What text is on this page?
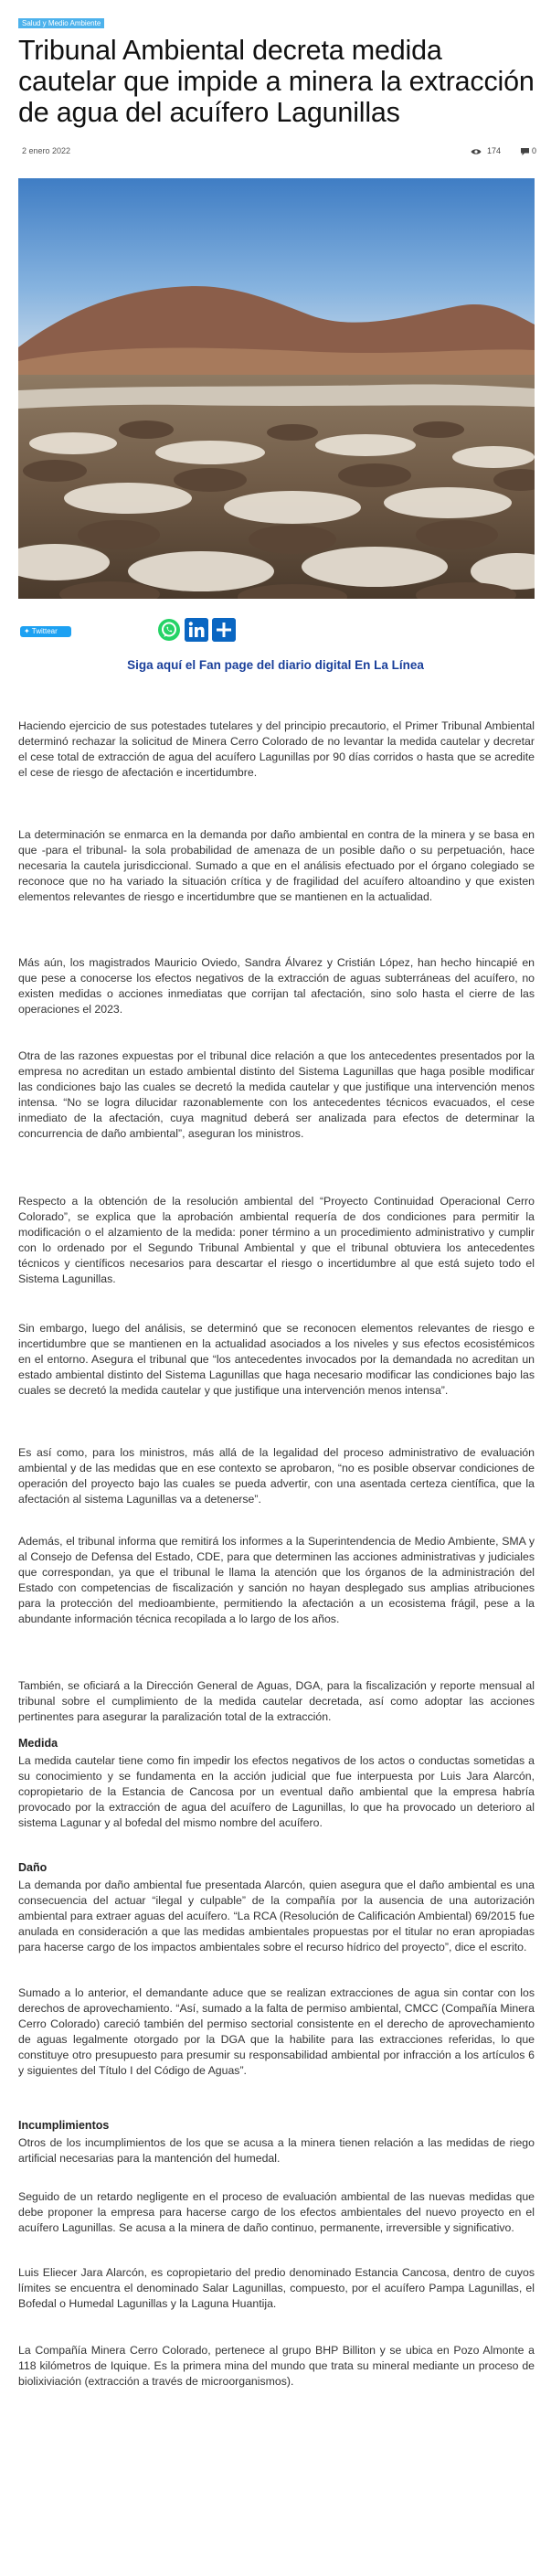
Salud y Medio Ambiente
Tribunal Ambiental decreta medida cautelar que impide a minera la extracción de agua del acuífero Lagunillas
2 enero 2022	174	0
✦ Twittear
Siga aquí el Fan page del diario digital En La Línea

Haciendo ejercicio de sus potestades tutelares y del principio precautorio, el Primer Tribunal Ambiental determinó rechazar la solicitud de Minera Cerro Colorado de no levantar la medida cautelar y decretar el cese total de extracción de agua del acuífero Lagunillas por 90 días corridos o hasta que se acredite el cese de riesgo de afectación e incertidumbre.

La determinación se enmarca en la demanda por daño ambiental en contra de la minera y se basa en que -para el tribunal- la sola probabilidad de amenaza de un posible daño o su perpetuación, hace necesaria la cautela jurisdiccional. Sumado a que en el análisis efectuado por el órgano colegiado se reconoce que no ha variado la situación crítica y de fragilidad del acuífero altoandino y que existen elementos relevantes de riesgo e incertidumbre que se mantienen en la actualidad.

Más aún, los magistrados Mauricio Oviedo, Sandra Álvarez y Cristián López, han hecho hincapié en que pese a conocerse los efectos negativos de la extracción de aguas subterráneas del acuífero, no existen medidas o acciones inmediatas que corrijan tal afectación, sino solo hasta el cierre de las operaciones el 2023.

Otra de las razones expuestas por el tribunal dice relación a que los antecedentes presentados por la empresa no acreditan un estado ambiental distinto del Sistema Lagunillas que haga posible modificar las condiciones bajo las cuales se decretó la medida cautelar y que justifique una intervención menos intensa. “No se logra dilucidar razonablemente con los antecedentes técnicos evacuados, el cese inmediato de la afectación, cuya magnitud deberá ser analizada para efectos de determinar la concurrencia de daño ambiental”, aseguran los ministros.

Respecto a la obtención de la resolución ambiental del “Proyecto Continuidad Operacional Cerro Colorado”, se explica que la aprobación ambiental requería de dos condiciones para permitir la modificación o el alzamiento de la medida: poner término a un procedimiento administrativo y cumplir con lo ordenado por el Segundo Tribunal Ambiental y que el tribunal obtuviera los antecedentes técnicos y científicos necesarios para descartar el riesgo o incertidumbre al que está sujeto todo el Sistema Lagunillas.

Sin embargo, luego del análisis, se determinó que se reconocen elementos relevantes de riesgo e incertidumbre que se mantienen en la actualidad asociados a los niveles y sus efectos ecosistémicos en el entorno. Asegura el tribunal que “los antecedentes invocados por la demandada no acreditan un estado ambiental distinto del Sistema Lagunillas que haga necesario modificar las condiciones bajo las cuales se decretó la medida cautelar y que justifique una intervención menos intensa”.

Es así como, para los ministros, más allá de la legalidad del proceso administrativo de evaluación ambiental y de las medidas que en ese contexto se aprobaron, “no es posible observar condiciones de operación del proyecto bajo las cuales se pueda advertir, con una asentada certeza científica, que la afectación al sistema Lagunillas va a detenerse”.

Además, el tribunal informa que remitirá los informes a la Superintendencia de Medio Ambiente, SMA y al Consejo de Defensa del Estado, CDE, para que determinen las acciones administrativas y judiciales que correspondan, ya que el tribunal le llama la atención que los órganos de la administración del Estado con competencias de fiscalización y sanción no hayan desplegado sus amplias atribuciones para la protección del medioambiente, permitiendo la afectación a un ecosistema frágil, pese a la abundante información técnica recopilada a lo largo de los años.

También, se oficiará a la Dirección General de Aguas, DGA, para la fiscalización y reporte mensual al tribunal sobre el cumplimiento de la medida cautelar decretada, así como adoptar las acciones pertinentes para asegurar la paralización total de la extracción.

Medida

La medida cautelar tiene como fin impedir los efectos negativos de los actos o conductas sometidas a su conocimiento y se fundamenta en la acción judicial que fue interpuesta por Luis Jara Alarcón, copropietario de la Estancia de Cancosa por un eventual daño ambiental que la empresa habría provocado por la extracción de agua del acuífero de Lagunillas, lo que ha provocado un deterioro al sistema Lagunar y al bofedal del mismo nombre del acuífero.

Daño

La demanda por daño ambiental fue presentada Alarcón, quien asegura que el daño ambiental es una consecuencia del actuar “ilegal y culpable” de la compañía por la ausencia de una autorización ambiental para extraer aguas del acuífero. “La RCA (Resolución de Calificación Ambiental) 69/2015 fue anulada en consideración a que las medidas ambientales propuestas por el titular no eran apropiadas para hacerse cargo de los impactos ambientales sobre el recurso hídrico del proyecto”, dice el escrito.

Sumado a lo anterior, el demandante aduce que se realizan extracciones de agua sin contar con los derechos de aprovechamiento. “Así, sumado a la falta de permiso ambiental, CMCC (Compañía Minera Cerro Colorado) careció también del permiso sectorial consistente en el derecho de aprovechamiento de aguas legalmente otorgado por la DGA que la habilite para las extracciones referidas, lo que constituye otro presupuesto para presumir su responsabilidad ambiental por infracción a los artículos 6 y siguientes del Título I del Código de Aguas”.

Incumplimientos

Otros de los incumplimientos de los que se acusa a la minera tienen relación a las medidas de riego artificial necesarias para la mantención del humedal.

Seguido de un retardo negligente en el proceso de evaluación ambiental de las nuevas medidas que debe proponer la empresa para hacerse cargo de los efectos ambientales del nuevo proyecto en el acuífero Lagunillas. Se acusa a la minera de daño continuo, permanente, irreversible y significativo.

Luis Eliecer Jara Alarcón, es copropietario del predio denominado Estancia Cancosa, dentro de cuyos límites se encuentra el denominado Salar Lagunillas, compuesto, por el acuífero Pampa Lagunillas, el Bofedal o Humedal Lagunillas y la Laguna Huantija.

La Compañía Minera Cerro Colorado, pertenece al grupo BHP Billiton y se ubica en Pozo Almonte a 118 kilómetros de Iquique. Es la primera mina del mundo que trata su mineral mediante un proceso de biolixiviación (extracción a través de microorganismos).
